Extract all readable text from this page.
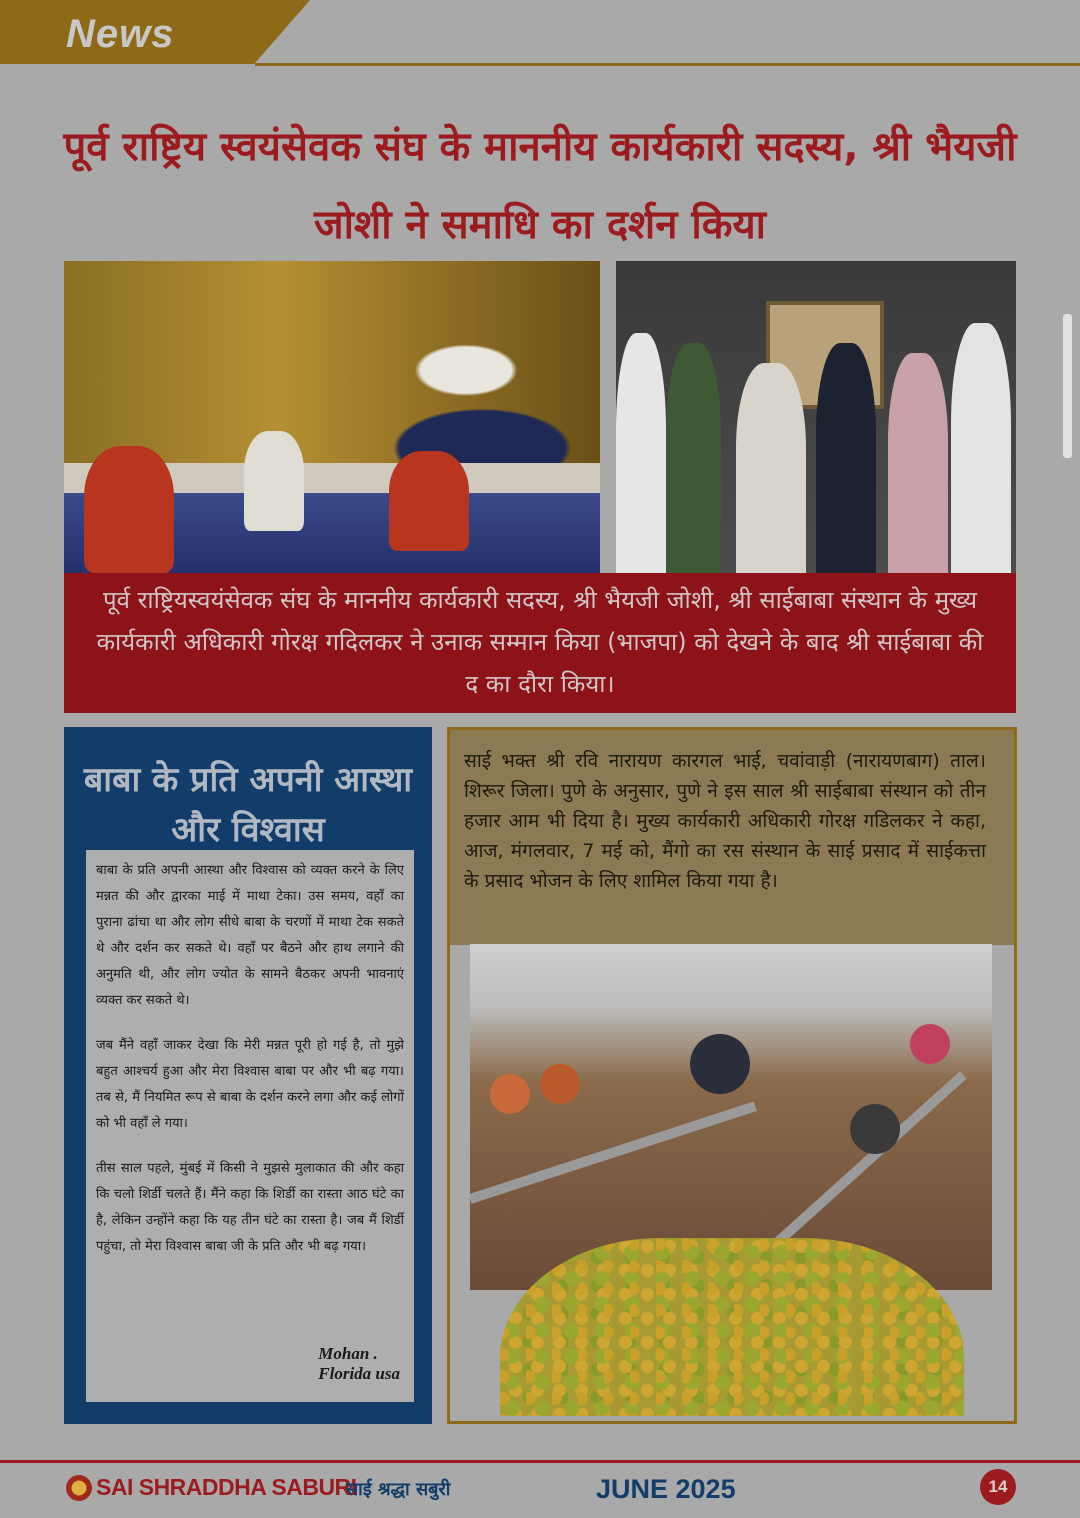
News
पूर्व राष्ट्रिय स्वयंसेवक संघ के माननीय कार्यकारी सदस्य, श्री भैयजी जोशी ने समाधि का दर्शन किया
पूर्व राष्ट्रियस्वयंसेवक संघ के माननीय कार्यकारी सदस्य, श्री भैयजी जोशी, श्री साईबाबा संस्थान के मुख्य कार्यकारी अधिकारी गोरक्ष गदिलकर ने उनाक सम्मान किया (भाजपा) को देखने के बाद श्री साईबाबा की द का दौरा किया।
बाबा के प्रति अपनी आस्था और विश्वास

बाबा के प्रति अपनी आस्था और विश्वास को व्यक्त करने के लिए मन्नत की और द्वारका माई में माथा टेका। उस समय, वहाँ का पुराना ढांचा था और लोग सीधे बाबा के चरणों में माथा टेक सकते थे और दर्शन कर सकते थे। वहाँ पर बैठने और हाथ लगाने की अनुमति थी, और लोग ज्योत के सामने बैठकर अपनी भावनाएं व्यक्त कर सकते थे।

जब मैंने वहाँ जाकर देखा कि मेरी मन्नत पूरी हो गई है, तो मुझे बहुत आश्चर्य हुआ और मेरा विश्वास बाबा पर और भी बढ़ गया। तब से, मैं नियमित रूप से बाबा के दर्शन करने लगा और कई लोगों को भी वहाँ ले गया।

तीस साल पहले, मुंबई में किसी ने मुझसे मुलाकात की और कहा कि चलो शिर्डी चलते हैं। मैंने कहा कि शिर्डी का रास्ता आठ घंटे का है, लेकिन उन्होंने कहा कि यह तीन घंटे का रास्ता है। जब मैं शिर्डी पहुंचा, तो मेरा विश्वास बाबा जी के प्रति और भी बढ़ गया।

Mohan .
Florida usa
साई भक्त श्री रवि नारायण कारगल भाई, चवांवाड़ी (नारायणबाग) ताल। शिरूर जिला। पुणे के अनुसार, पुणे ने इस साल श्री साईबाबा संस्थान को तीन हजार आम भी दिया है। मुख्य कार्यकारी अधिकारी गोरक्ष गडिलकर ने कहा, आज, मंगलवार, 7 मई को, मैंगो का रस संस्थान के साई प्रसाद में साईकत्ता के प्रसाद भोजन के लिए शामिल किया गया है।
SAI SHRADDHA SABURI
साई श्रद्धा सबुरी	JUNE 2025	14
